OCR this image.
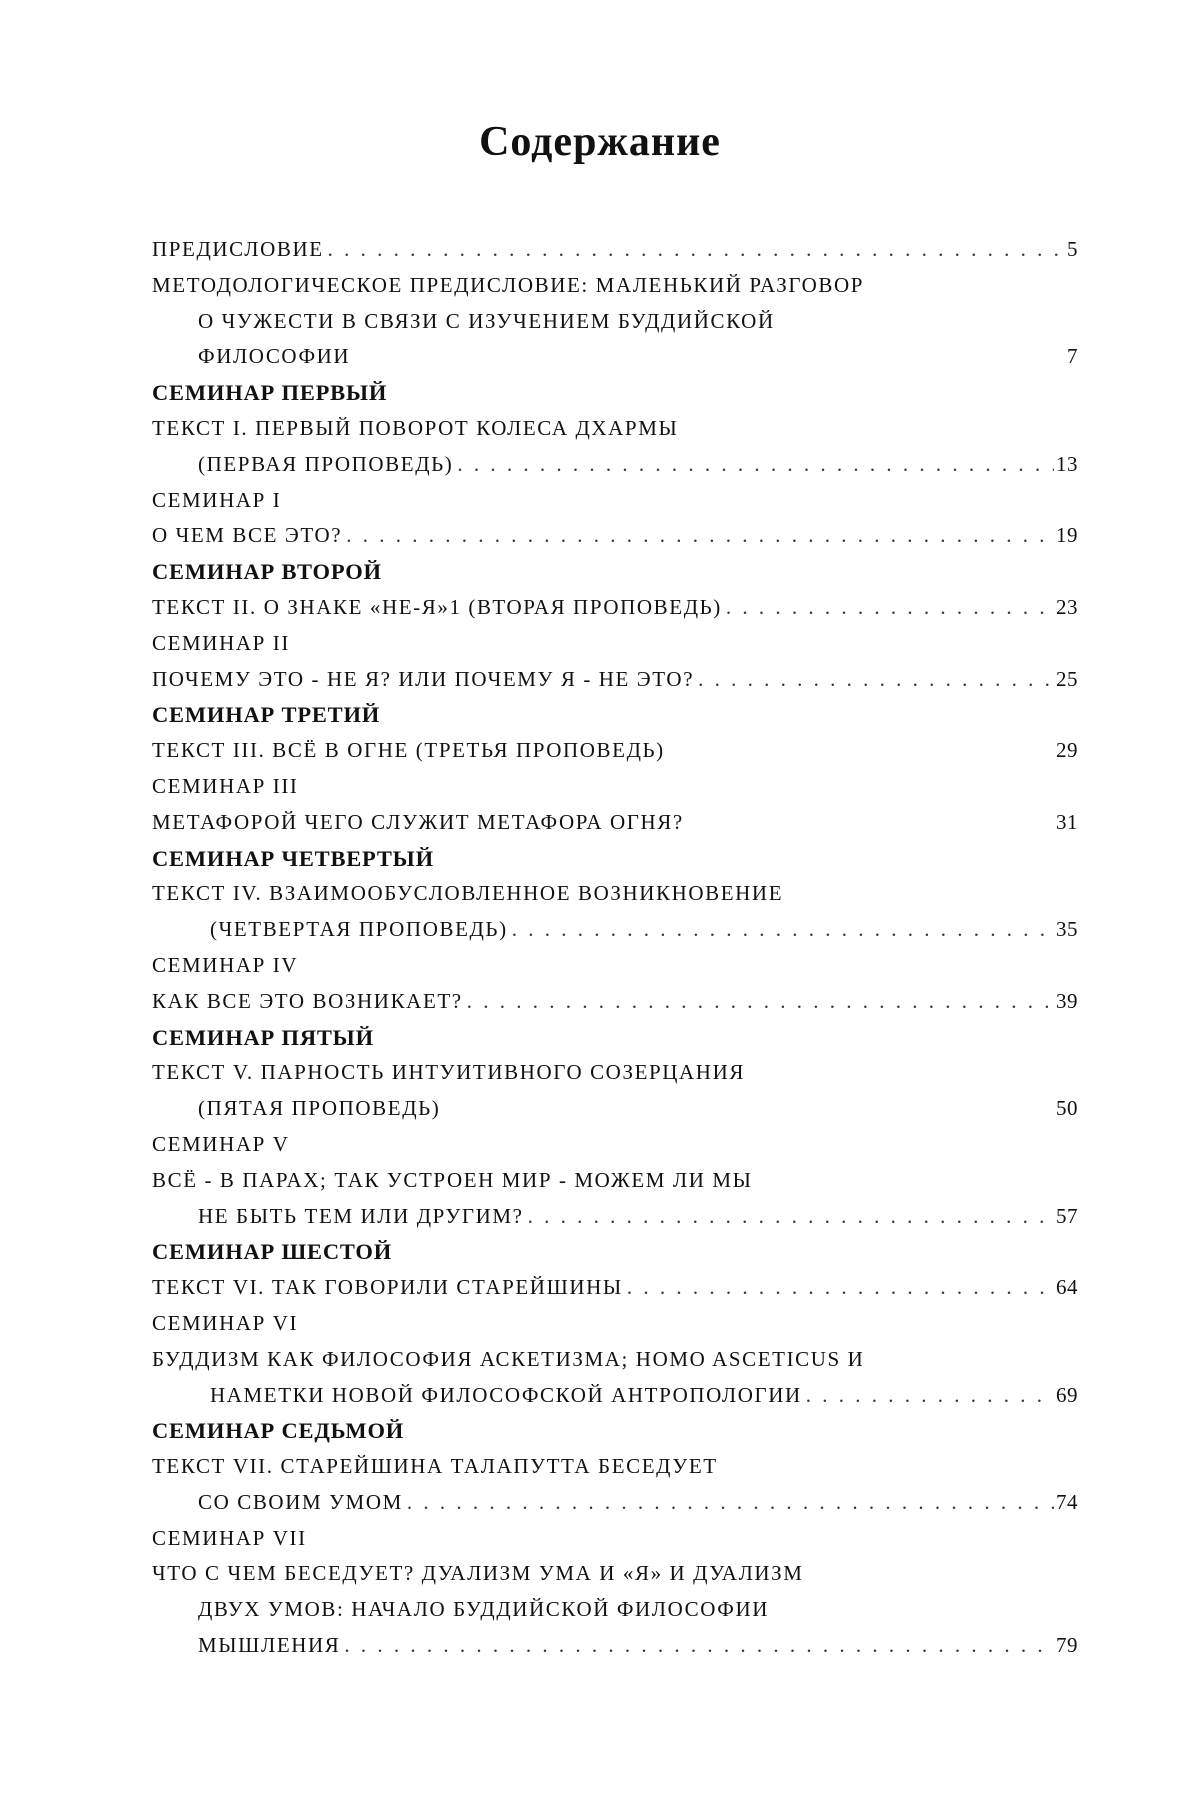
Содержание
ПРЕДИСЛОВИЕ . . .	5
МЕТОДОЛОГИЧЕСКОЕ ПРЕДИСЛОВИЕ: МАЛЕНЬКИЙ РАЗГОВОР
О ЧУЖЕСТИ В СВЯЗИ С ИЗУЧЕНИЕМ БУДДИЙСКОЙ
ФИЛОСОФИИ	7
СЕМИНАР ПЕРВЫЙ
ТЕКСТ I. ПЕРВЫЙ ПОВОРОТ КОЛЕСА ДХАРМЫ
(ПЕРВАЯ ПРОПОВЕДЬ) . . .	13
СЕМИНАР I
О ЧЕМ ВСЕ ЭТО? . . .	19
СЕМИНАР ВТОРОЙ
ТЕКСТ II. О ЗНАКЕ «НЕ-Я»1 (ВТОРАЯ ПРОПОВЕДЬ) . . .	23
СЕМИНАР II
ПОЧЕМУ ЭТО - НЕ Я? ИЛИ ПОЧЕМУ Я - НЕ ЭТО? . . .	25
СЕМИНАР ТРЕТИЙ
ТЕКСТ III. ВСЁ В ОГНЕ (ТРЕТЬЯ ПРОПОВЕДЬ)	29
СЕМИНАР III
МЕТАФОРОЙ ЧЕГО СЛУЖИТ МЕТАФОРА ОГНЯ?	31
СЕМИНАР ЧЕТВЕРТЫЙ
ТЕКСТ IV. ВЗАИМООБУСЛОВЛЕННОЕ ВОЗНИКНОВЕНИЕ
(ЧЕТВЕРТАЯ ПРОПОВЕДЬ) . . .	35
СЕМИНАР IV
КАК ВСЕ ЭТО ВОЗНИКАЕТ? . . .	39
СЕМИНАР ПЯТЫЙ
ТЕКСТ V. ПАРНОСТЬ ИНТУИТИВНОГО СОЗЕРЦАНИЯ
(ПЯТАЯ ПРОПОВЕДЬ)	50
СЕМИНАР V
ВСЁ - В ПАРАХ; ТАК УСТРОЕН МИР - МОЖЕМ ЛИ МЫ
НЕ БЫТЬ ТЕМ ИЛИ ДРУГИМ? . . .	57
СЕМИНАР ШЕСТОЙ
ТЕКСТ VI. ТАК ГОВОРИЛИ СТАРЕЙШИНЫ . . .	64
СЕМИНАР VI
БУДДИЗМ КАК ФИЛОСОФИЯ АСКЕТИЗМА; HOMO ASCETICUS И
НАМЕТКИ НОВОЙ ФИЛОСОФСКОЙ АНТРОПОЛОГИИ . . .	69
СЕМИНАР СЕДЬМОЙ
ТЕКСТ VII. СТАРЕЙШИНА ТАЛАПУТТА БЕСЕДУЕТ
СО СВОИМ УМОМ . . .	74
СЕМИНАР VII
ЧТО С ЧЕМ БЕСЕДУЕТ? ДУАЛИЗМ УМА И «Я» И ДУАЛИЗМ
ДВУХ УМОВ: НАЧАЛО БУДДИЙСКОЙ ФИЛОСОФИИ
МЫШЛЕНИЯ . . .	79
